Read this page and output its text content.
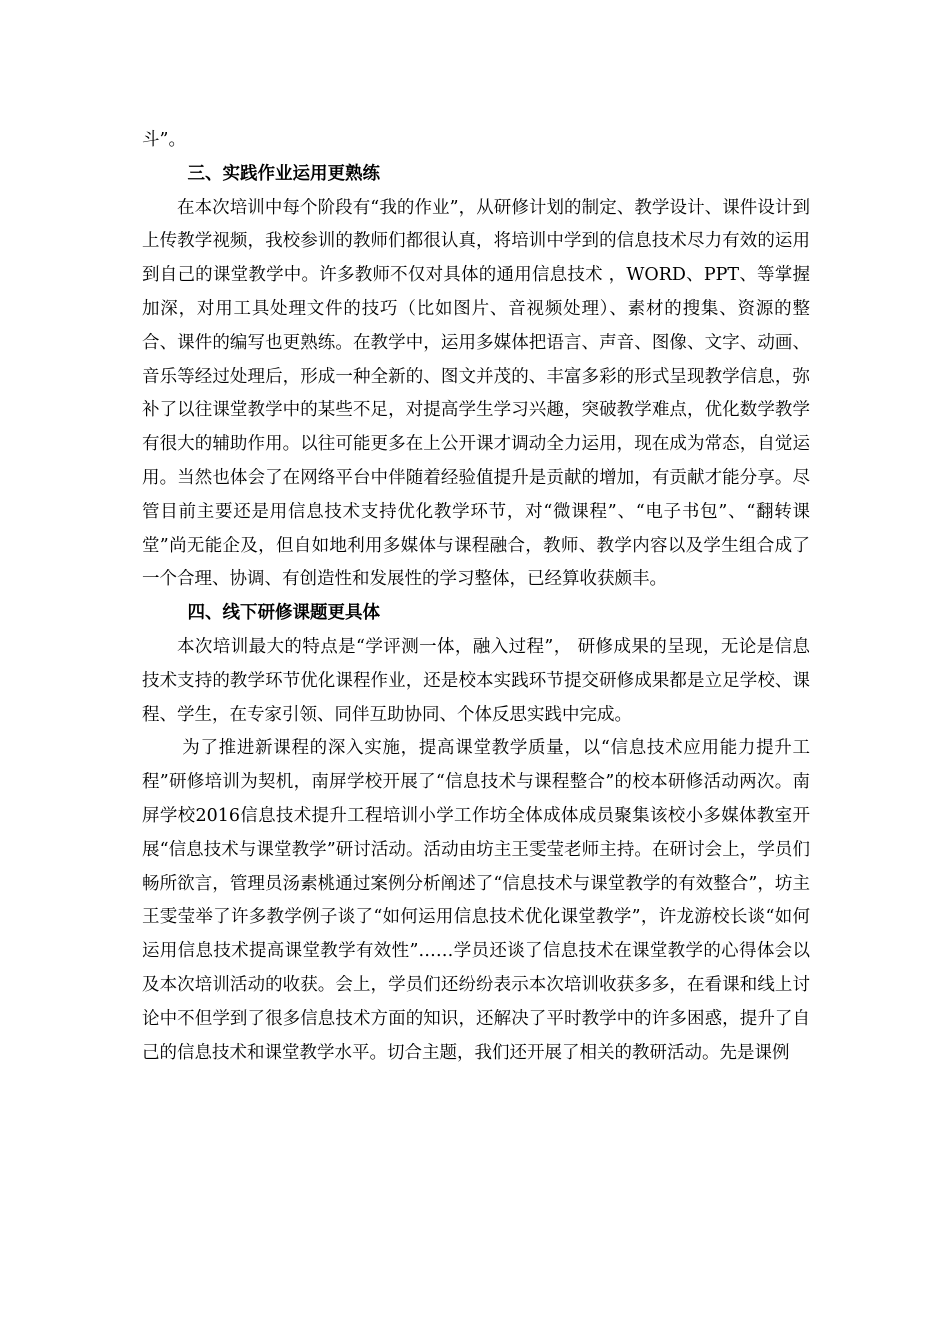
斗”。

三、实践作业运用更熟练

在本次培训中每个阶段有“我的作业”，从研修计划的制定、教学设计、课件设计到上传教学视频，我校参训的教师们都很认真，将培训中学到的信息技术尽力有效的运用到自己的课堂教学中。许多教师不仅对具体的通用信息技术 ，WORD、PPT、等掌握加深，对用工具处理文件的技巧（比如图片、音视频处理）、素材的搜集、资源的整合、课件的编写也更熟练。在教学中，运用多媒体把语言、声音、图像、文字、动画、音乐等经过处理后，形成一种全新的、图文并茂的、丰富多彩的形式呈现教学信息，弥补了以往课堂教学中的某些不足，对提高学生学习兴趣，突破教学难点，优化数学教学有很大的辅助作用。以往可能更多在上公开课才调动全力运用，现在成为常态，自觉运用。当然也体会了在网络平台中伴随着经验值提升是贡献的增加，有贡献才能分享。尽管目前主要还是用信息技术支持优化教学环节，对“微课程”、“电子书包”、“翻转课堂”尚无能企及，但自如地利用多媒体与课程融合，教师、教学内容以及学生组合成了一个合理、协调、有创造性和发展性的学习整体，已经算收获颇丰。

四、线下研修课题更具体

本次培训最大的特点是“学评测一体，融入过程”， 研修成果的呈现，无论是信息技术支持的教学环节优化课程作业，还是校本实践环节提交研修成果都是立足学校、课程、学生，在专家引领、同伴互助协同、个体反思实践中完成。

为了推进新课程的深入实施，提高课堂教学质量，以“信息技术应用能力提升工程”研修培训为契机，南屏学校开展了“信息技术与课程整合”的校本研修活动两次。南屏学校2016信息技术提升工程培训小学工作坊全体成体成员聚集该校小多媒体教室开展“信息技术与课堂教学”研讨活动。活动由坊主王雯莹老师主持。在研讨会上，学员们畅所欲言，管理员汤素桃通过案例分析阐述了“信息技术与课堂教学的有效整合”，坊主王雯莹举了许多教学例子谈了“如何运用信息技术优化课堂教学”，许龙游校长谈“如何运用信息技术提高课堂教学有效性”……学员还谈了信息技术在课堂教学的心得体会以及本次培训活动的收获。会上，学员们还纷纷表示本次培训收获多多，在看课和线上讨论中不但学到了很多信息技术方面的知识，还解决了平时教学中的许多困惑，提升了自己的信息技术和课堂教学水平。切合主题，我们还开展了相关的教研活动。先是课例
